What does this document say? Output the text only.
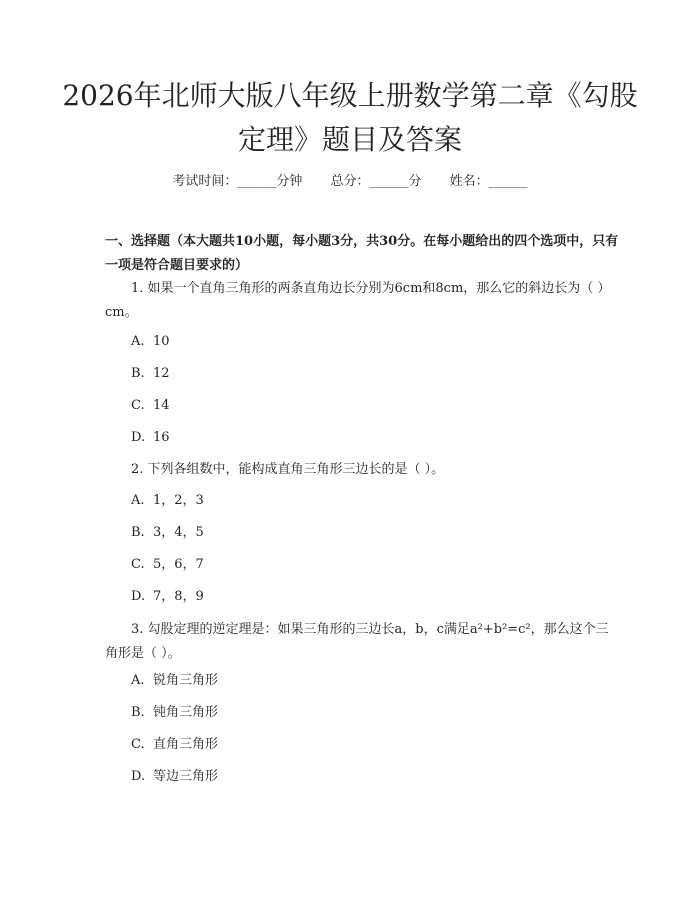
2026年北师大版八年级上册数学第二章《勾股定理》题目及答案
考试时间：______分钟 总分：______分 姓名：______

一、选择题（本大题共10小题，每小题3分，共30分。在每小题给出的四个选项中，只有一项是符合题目要求的）

1. 如果一个直角三角形的两条直角边长分别为6cm和8cm，那么它的斜边长为（ ）cm。

A. 10

B. 12

C. 14

D. 16

2. 下列各组数中，能构成直角三角形三边长的是（ ）。

A. 1，2，3

B. 3，4，5

C. 5，6，7

D. 7，8，9

3. 勾股定理的逆定理是：如果三角形的三边长a，b，c满足a²+b²=c²，那么这个三角形是（ ）。

A. 锐角三角形

B. 钝角三角形

C. 直角三角形

D. 等边三角形
